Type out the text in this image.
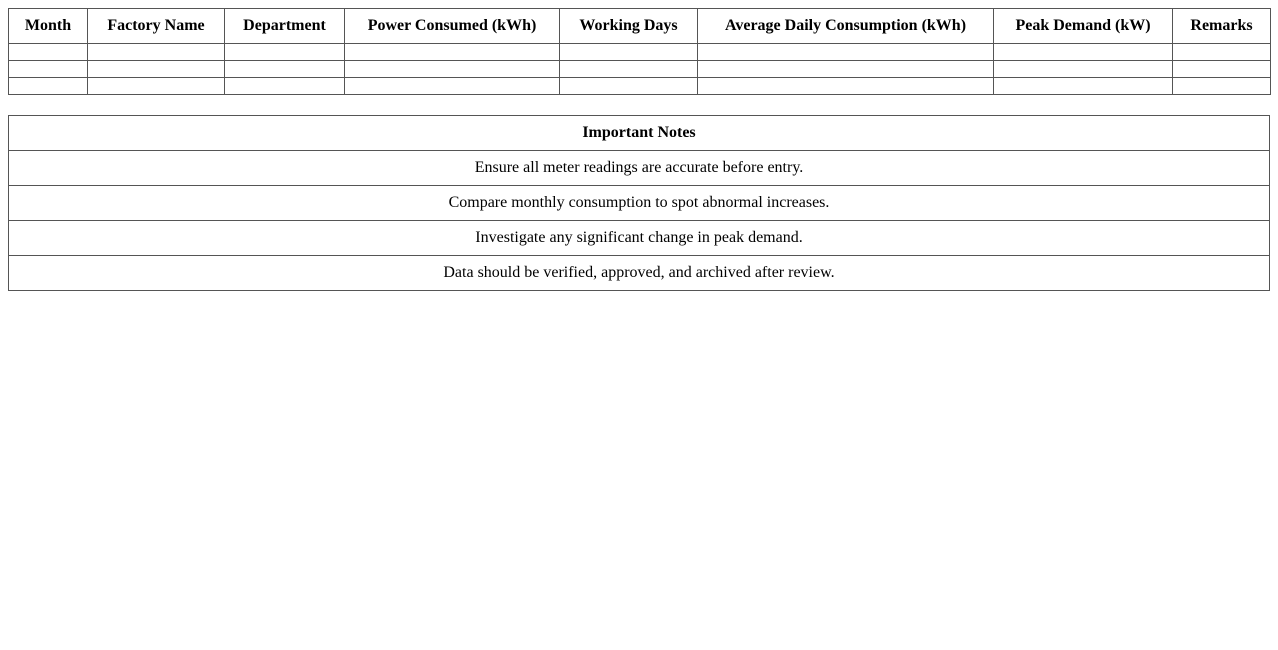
Month	Factory Name	Department	Power Consumed (kWh)	Working Days	Average Daily Consumption (kWh)	Peak Demand (kW)	Remarks

Important Notes
Ensure all meter readings are accurate before entry.
Compare monthly consumption to spot abnormal increases.
Investigate any significant change in peak demand.
Data should be verified, approved, and archived after review.
